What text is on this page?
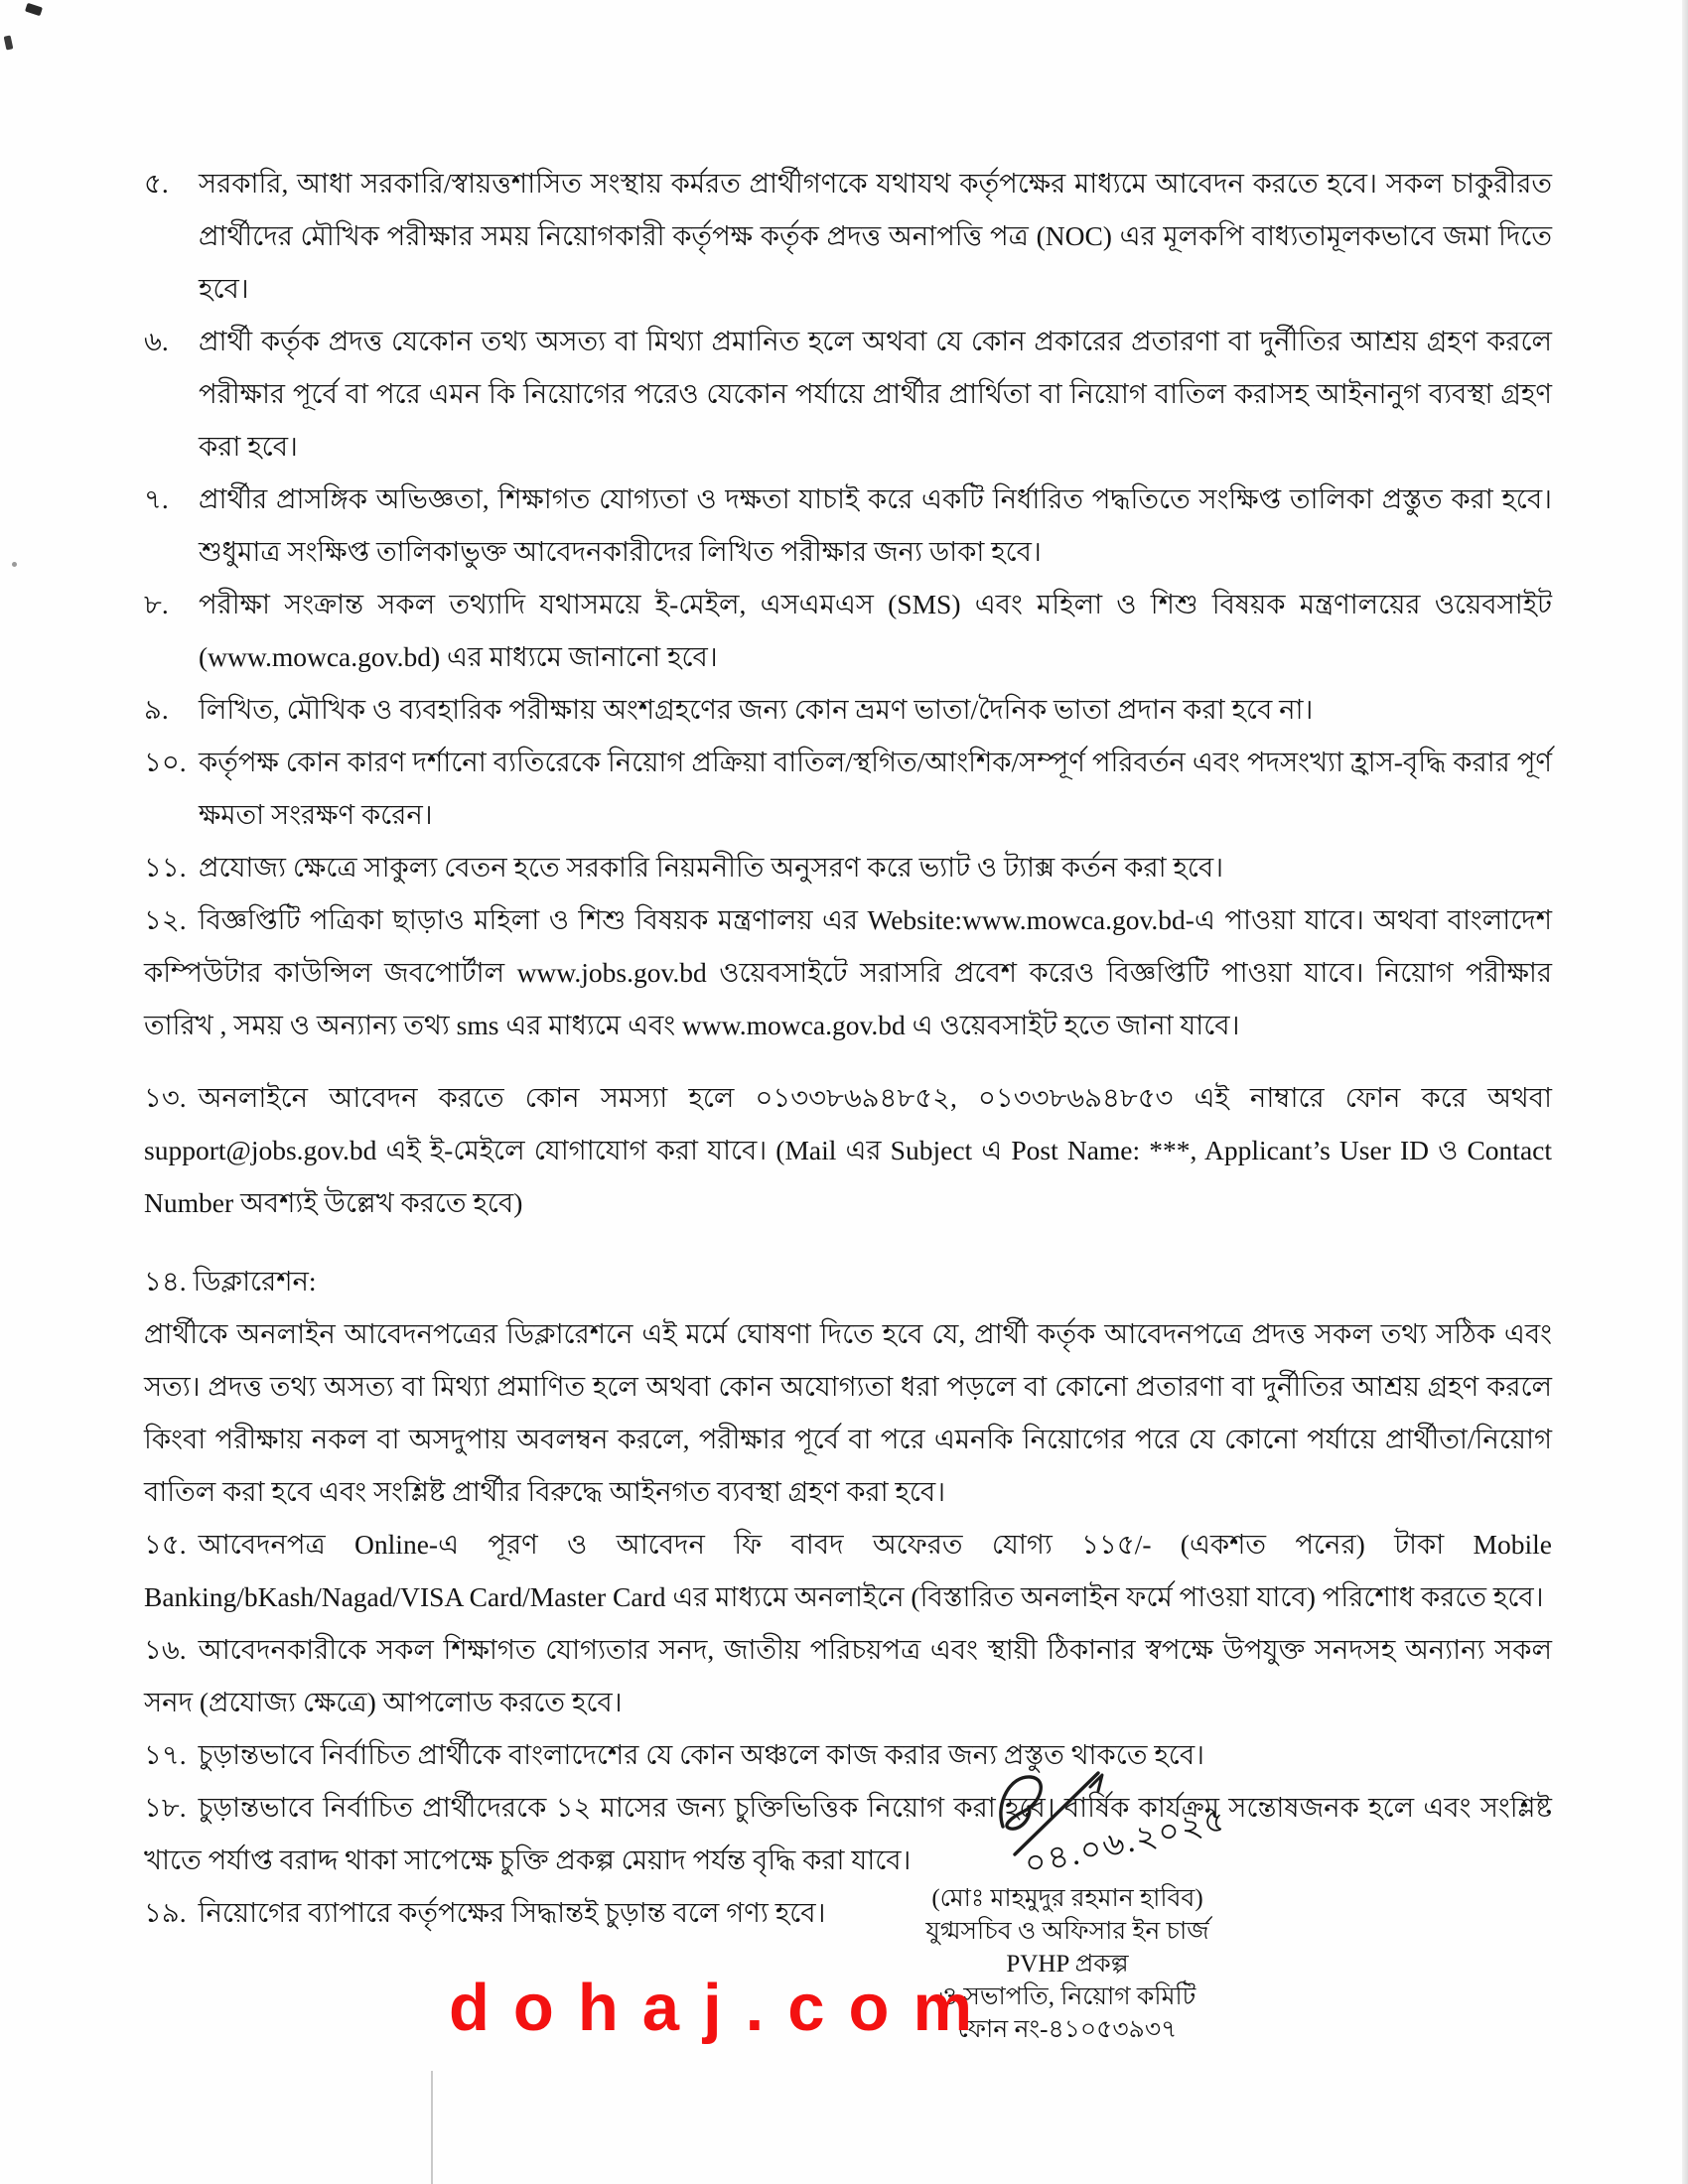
৫.	সরকারি, আধা সরকারি/স্বায়ত্তশাসিত সংস্থায় কর্মরত প্রার্থীগণকে যথাযথ কর্তৃপক্ষের মাধ্যমে আবেদন করতে হবে। সকল চাকুরীরত প্রার্থীদের মৌখিক পরীক্ষার সময় নিয়োগকারী কর্তৃপক্ষ কর্তৃক প্রদত্ত অনাপত্তি পত্র (NOC) এর মূলকপি বাধ্যতামূলকভাবে জমা দিতে হবে।
৬.	প্রার্থী কর্তৃক প্রদত্ত যেকোন তথ্য অসত্য বা মিথ্যা প্রমানিত হলে অথবা যে কোন প্রকারের প্রতারণা বা দুর্নীতির আশ্রয় গ্রহণ করলে পরীক্ষার পূর্বে বা পরে এমন কি নিয়োগের পরেও যেকোন পর্যায়ে প্রার্থীর প্রার্থিতা বা নিয়োগ বাতিল করাসহ আইনানুগ ব্যবস্থা গ্রহণ করা হবে।
৭.	প্রার্থীর প্রাসঙ্গিক অভিজ্ঞতা, শিক্ষাগত যোগ্যতা ও দক্ষতা যাচাই করে একটি নির্ধারিত পদ্ধতিতে সংক্ষিপ্ত তালিকা প্রস্তুত করা হবে। শুধুমাত্র সংক্ষিপ্ত তালিকাভুক্ত আবেদনকারীদের লিখিত পরীক্ষার জন্য ডাকা হবে।
৮.	পরীক্ষা সংক্রান্ত সকল তথ্যাদি যথাসময়ে ই-মেইল, এসএমএস (SMS) এবং মহিলা ও শিশু বিষয়ক মন্ত্রণালয়ের ওয়েবসাইট (www.mowca.gov.bd) এর মাধ্যমে জানানো হবে।
৯.	লিখিত, মৌখিক ও ব্যবহারিক পরীক্ষায় অংশগ্রহণের জন্য কোন ভ্রমণ ভাতা/দৈনিক ভাতা প্রদান করা হবে না।
১০. কর্তৃপক্ষ কোন কারণ দর্শানো ব্যতিরেকে নিয়োগ প্রক্রিয়া বাতিল/স্থগিত/আংশিক/সম্পূর্ণ পরিবর্তন এবং পদসংখ্যা হ্রাস-বৃদ্ধি করার পূর্ণ ক্ষমতা সংরক্ষণ করেন।
১১. প্রযোজ্য ক্ষেত্রে সাকুল্য বেতন হতে সরকারি নিয়মনীতি অনুসরণ করে ভ্যাট ও ট্যাক্স কর্তন করা হবে।
১২. বিজ্ঞপ্তিটি পত্রিকা ছাড়াও মহিলা ও শিশু বিষয়ক মন্ত্রণালয় এর Website:www.mowca.gov.bd-এ পাওয়া যাবে। অথবা বাংলাদেশ কম্পিউটার কাউন্সিল জবপোর্টাল www.jobs.gov.bd ওয়েবসাইটে সরাসরি প্রবেশ করেও বিজ্ঞপ্তিটি পাওয়া যাবে। নিয়োগ পরীক্ষার তারিখ , সময় ও অন্যান্য তথ্য sms এর মাধ্যমে এবং www.mowca.gov.bd এ ওয়েবসাইট হতে জানা যাবে।
১৩. অনলাইনে আবেদন করতে কোন সমস্যা হলে ০১৩৩৮৬৯৪৮৫২, ০১৩৩৮৬৯৪৮৫৩ এই নাম্বারে ফোন করে অথবা support@jobs.gov.bd এই ই-মেইলে যোগাযোগ করা যাবে। (Mail এর Subject এ Post Name: ***, Applicant’s User ID ও Contact Number অবশ্যই উল্লেখ করতে হবে)
১৪. ডিক্লারেশন:
প্রার্থীকে অনলাইন আবেদনপত্রের ডিক্লারেশনে এই মর্মে ঘোষণা দিতে হবে যে, প্রার্থী কর্তৃক আবেদনপত্রে প্রদত্ত সকল তথ্য সঠিক এবং সত্য। প্রদত্ত তথ্য অসত্য বা মিথ্যা প্রমাণিত হলে অথবা কোন অযোগ্যতা ধরা পড়লে বা কোনো প্রতারণা বা দুর্নীতির আশ্রয় গ্রহণ করলে কিংবা পরীক্ষায় নকল বা অসদুপায় অবলম্বন করলে, পরীক্ষার পূর্বে বা পরে এমনকি নিয়োগের পরে যে কোনো পর্যায়ে প্রার্থীতা/নিয়োগ বাতিল করা হবে এবং সংশ্লিষ্ট প্রার্থীর বিরুদ্ধে আইনগত ব্যবস্থা গ্রহণ করা হবে।
১৫. আবেদনপত্র Online-এ পূরণ ও আবেদন ফি বাবদ অফেরত যোগ্য ১১৫/- (একশত পনের) টাকা Mobile Banking/bKash/Nagad/VISA Card/Master Card এর মাধ্যমে অনলাইনে (বিস্তারিত অনলাইন ফর্মে পাওয়া যাবে) পরিশোধ করতে হবে।
১৬. আবেদনকারীকে সকল শিক্ষাগত যোগ্যতার সনদ, জাতীয় পরিচয়পত্র এবং স্থায়ী ঠিকানার স্বপক্ষে উপযুক্ত সনদসহ অন্যান্য সকল সনদ (প্রযোজ্য ক্ষেত্রে) আপলোড করতে হবে।
১৭. চুড়ান্তভাবে নির্বাচিত প্রার্থীকে বাংলাদেশের যে কোন অঞ্চলে কাজ করার জন্য প্রস্তুত থাকতে হবে।
১৮. চুড়ান্তভাবে নির্বাচিত প্রার্থীদেরকে ১২ মাসের জন্য চুক্তিভিত্তিক নিয়োগ করা হবে। বার্ষিক কার্যক্রম সন্তোষজনক হলে এবং সংশ্লিষ্ট খাতে পর্যাপ্ত বরাদ্দ থাকা সাপেক্ষে চুক্তি প্রকল্প মেয়াদ পর্যন্ত বৃদ্ধি করা যাবে।
১৯. নিয়োগের ব্যাপারে কর্তৃপক্ষের সিদ্ধান্তই চুড়ান্ত বলে গণ্য হবে।
০৪.০৬.২০২৫
(মোঃ মাহমুদুর রহমান হাবিব)
যুগ্মসচিব ও অফিসার ইন চার্জ
PVHP প্রকল্প
ও সভাপতি, নিয়োগ কমিটি
ফোন নং-৪১০৫৩৯৩৭
dohaj.com
